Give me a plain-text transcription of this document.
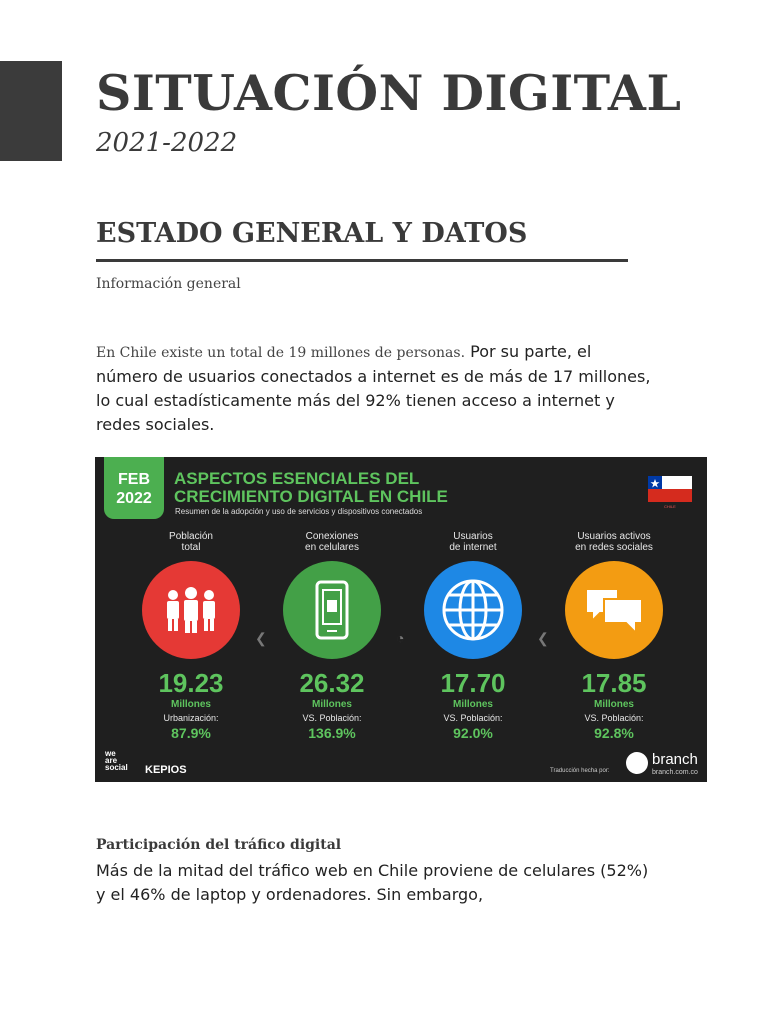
SITUACIÓN DIGITAL
2021-2022
ESTADO GENERAL Y DATOS
Información general

En Chile existe un total de 19 millones de personas. Por su parte, el número de usuarios conectados a internet es de más de 17 millones, lo cual estadísticamente más del 92% tienen acceso a internet y redes sociales.

FEB
2022
ASPECTOS ESENCIALES DEL
CRECIMIENTO DIGITAL EN CHILE
Resumen de la adopción y uso de servicios y dispositivos conectados
CHILE
Población
total
19.23
Millones
Urbanización:
87.9%
Conexiones
en celulares
26.32
Millones
VS. Población:
136.9%
Usuarios
de internet
17.70
Millones
VS. Población:
92.0%
Usuarios activos
en redes sociales
17.85
Millones
VS. Población:
92.8%
❮	◔	❮
we
are
social KEPIOS	Traducción hecha por:
branch
branch.com.co
Participación del tráfico digital

Más de la mitad del tráfico web en Chile proviene de celulares (52%) y el 46% de laptop y ordenadores. Sin embargo,
